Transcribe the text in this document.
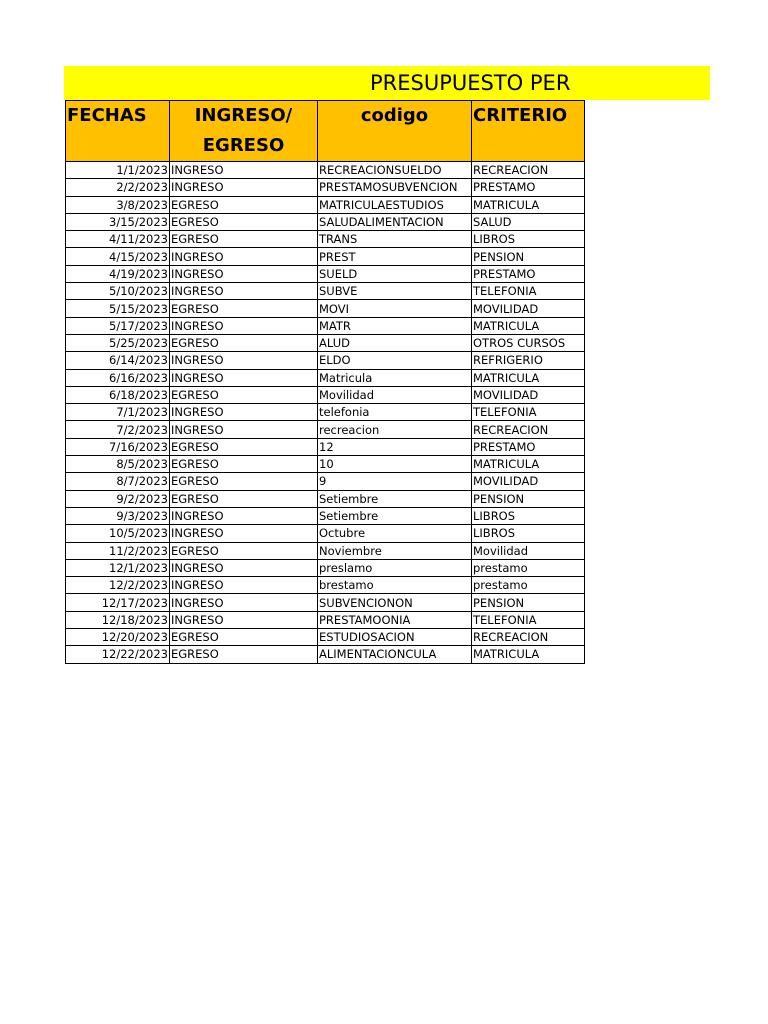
PRESUPUESTO PER
FECHAS	INGRESO/ EGRESO	codigo	CRITERIO
1/1/2023	INGRESO	RECREACIONSUELDO	RECREACION
2/2/2023	INGRESO	PRESTAMOSUBVENCION	PRESTAMO
3/8/2023	EGRESO	MATRICULAESTUDIOS	MATRICULA
3/15/2023	EGRESO	SALUDALIMENTACION	SALUD
4/11/2023	EGRESO	TRANS	LIBROS
4/15/2023	INGRESO	PREST	PENSION
4/19/2023	INGRESO	SUELD	PRESTAMO
5/10/2023	INGRESO	SUBVE	TELEFONIA
5/15/2023	EGRESO	MOVI	MOVILIDAD
5/17/2023	INGRESO	MATR	MATRICULA
5/25/2023	EGRESO	ALUD	OTROS CURSOS
6/14/2023	INGRESO	ELDO	REFRIGERIO
6/16/2023	INGRESO	Matricula	MATRICULA
6/18/2023	EGRESO	Movilidad	MOVILIDAD
7/1/2023	INGRESO	telefonia	TELEFONIA
7/2/2023	INGRESO	recreacion	RECREACION
7/16/2023	EGRESO	12	PRESTAMO
8/5/2023	EGRESO	10	MATRICULA
8/7/2023	EGRESO	9	MOVILIDAD
9/2/2023	EGRESO	Setiembre	PENSION
9/3/2023	INGRESO	Setiembre	LIBROS
10/5/2023	INGRESO	Octubre	LIBROS
11/2/2023	EGRESO	Noviembre	Movilidad
12/1/2023	INGRESO	preslamo	prestamo
12/2/2023	INGRESO	brestamo	prestamo
12/17/2023	INGRESO	SUBVENCIONON	PENSION
12/18/2023	INGRESO	PRESTAMOONIA	TELEFONIA
12/20/2023	EGRESO	ESTUDIOSACION	RECREACION
12/22/2023	EGRESO	ALIMENTACIONCULA	MATRICULA
